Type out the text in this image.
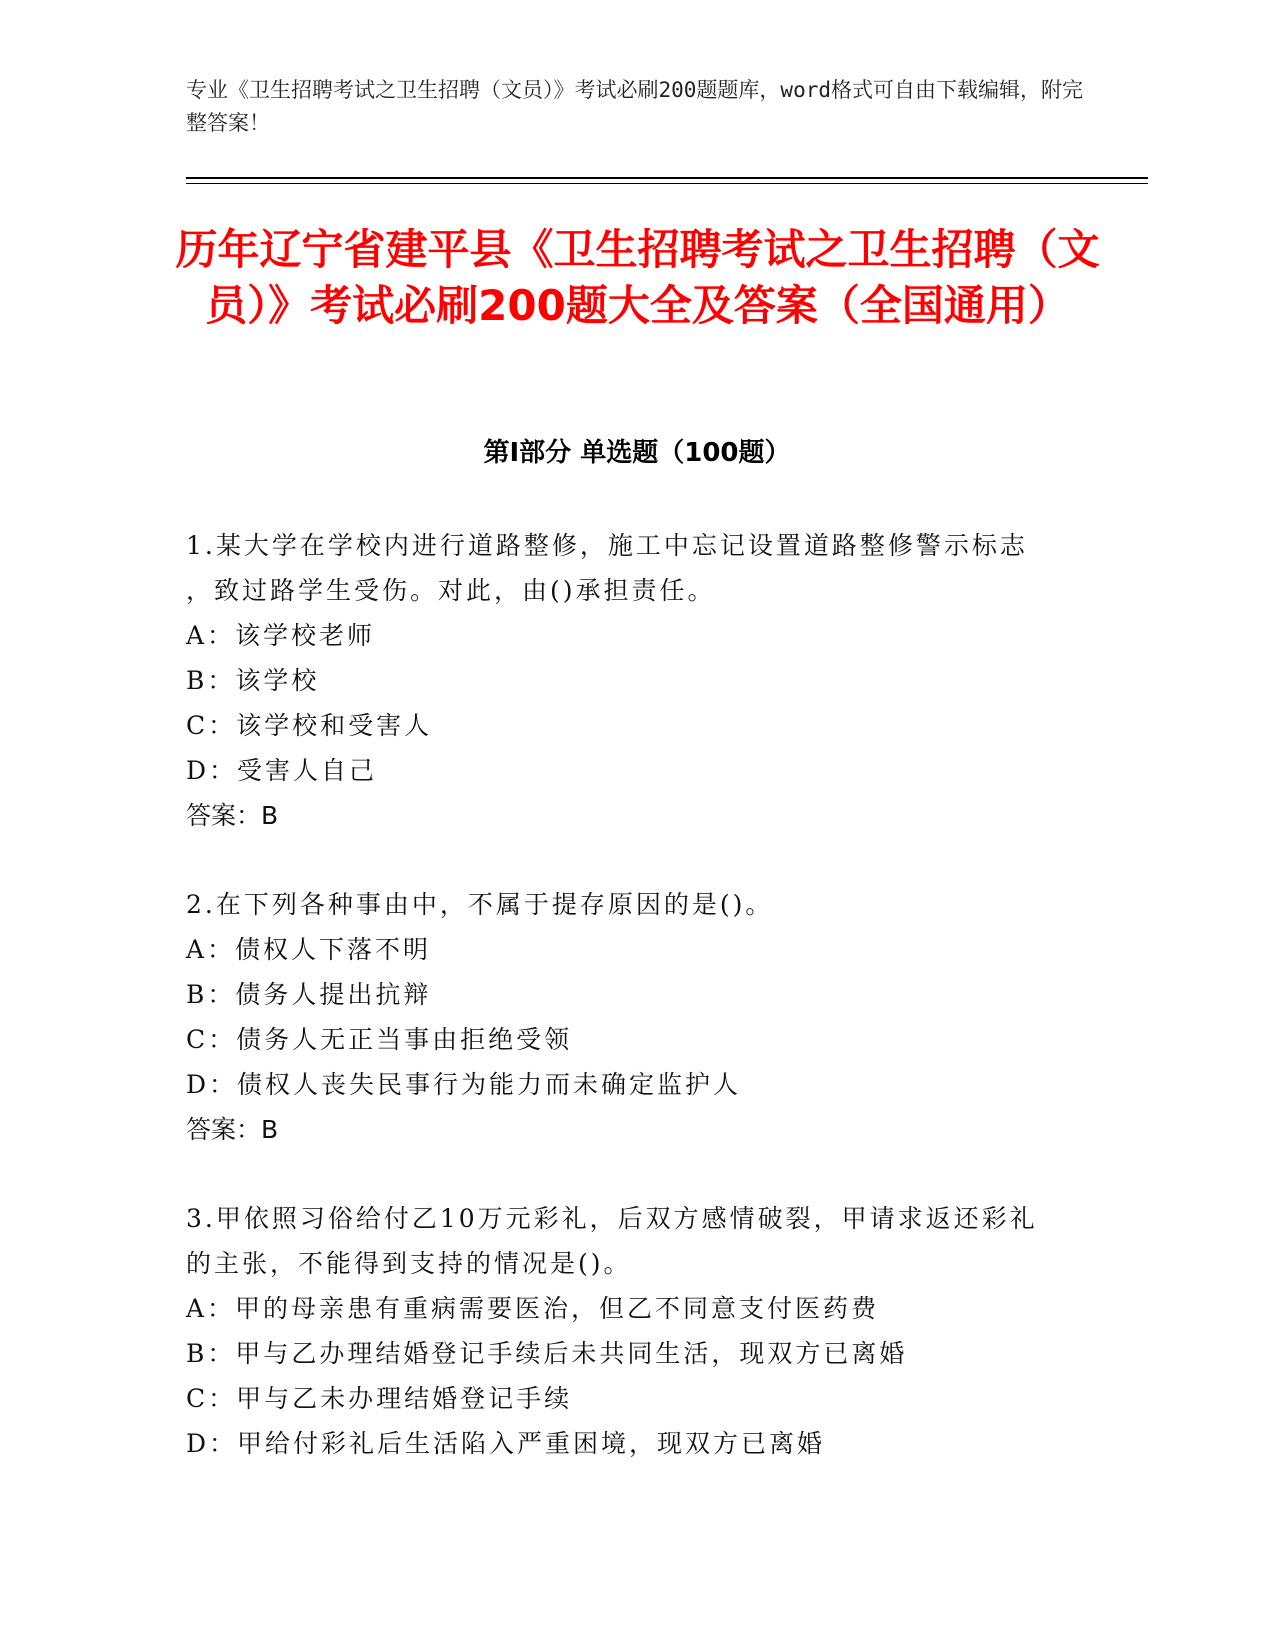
专业《卫生招聘考试之卫生招聘（文员）》考试必刷200题题库，word格式可自由下载编辑，附完整答案！
历年辽宁省建平县《卫生招聘考试之卫生招聘（文员）》考试必刷200题大全及答案（全国通用）
第Ⅰ部分 单选题（100题）

1.某大学在学校内进行道路整修，施工中忘记设置道路整修警示标志

，致过路学生受伤。对此，由()承担责任。

A：该学校老师

B：该学校

C：该学校和受害人

D：受害人自己

答案：B

2.在下列各种事由中，不属于提存原因的是()。

A：债权人下落不明

B：债务人提出抗辩

C：债务人无正当事由拒绝受领

D：债权人丧失民事行为能力而未确定监护人

答案：B

3.甲依照习俗给付乙10万元彩礼，后双方感情破裂，甲请求返还彩礼

的主张，不能得到支持的情况是()。

A：甲的母亲患有重病需要医治，但乙不同意支付医药费

B：甲与乙办理结婚登记手续后未共同生活，现双方已离婚

C：甲与乙未办理结婚登记手续

D：甲给付彩礼后生活陷入严重困境，现双方已离婚
